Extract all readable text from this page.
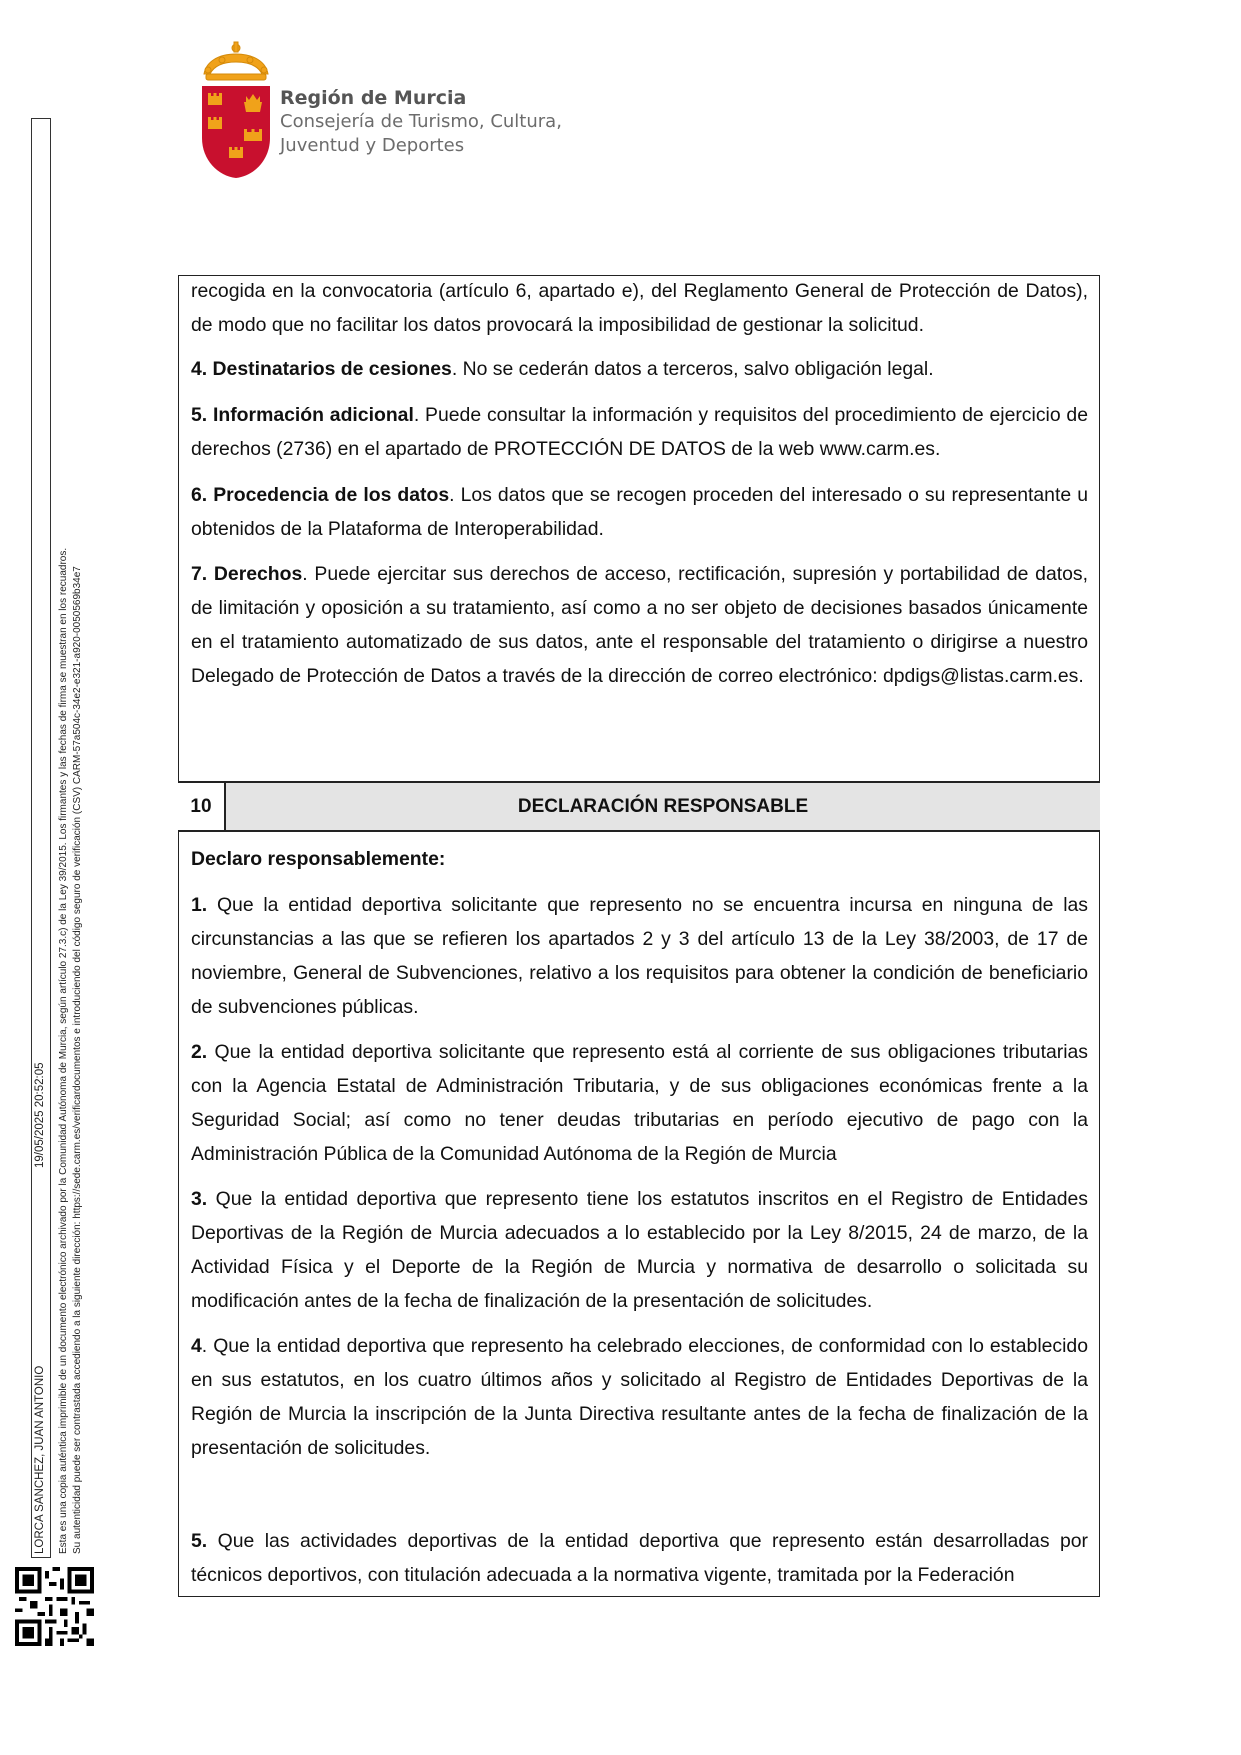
Región de Murcia
Consejería de Turismo, Cultura,
Juventud y Deportes
LORCA SANCHEZ, JUAN ANTONIO
19/05/2025 20:52:05 Esta es una copia auténtica imprimible de un documento electrónico archivado por la Comunidad Autónoma de Murcia, según artículo 27.3.c) de la Ley 39/2015. Los firmantes y las fechas de firma se muestran en los recuadros. Su autenticidad puede ser contrastada accediendo a la siguiente dirección: https://sede.carm.es/verificardocumentos e introduciendo del código seguro de verificación (CSV) CARM-57a504c-34e2-e321-a920-0050569b34e7
recogida en la convocatoria (artículo 6, apartado e), del Reglamento General de Protección de Datos), de modo que no facilitar los datos provocará la imposibilidad de gestionar la solicitud.
4. Destinatarios de cesiones. No se cederán datos a terceros, salvo obligación legal.
5. Información adicional. Puede consultar la información y requisitos del procedimiento de ejercicio de derechos (2736) en el apartado de PROTECCIÓN DE DATOS de la web www.carm.es.
6. Procedencia de los datos. Los datos que se recogen proceden del interesado o su representante u obtenidos de la Plataforma de Interoperabilidad.
7. Derechos. Puede ejercitar sus derechos de acceso, rectificación, supresión y portabilidad de datos, de limitación y oposición a su tratamiento, así como a no ser objeto de decisiones basados únicamente en el tratamiento automatizado de sus datos, ante el responsable del tratamiento o dirigirse a nuestro Delegado de Protección de Datos a través de la dirección de correo electrónico: dpdigs@listas.carm.es.
10	DECLARACIÓN RESPONSABLE
Declaro responsablemente:
1. Que la entidad deportiva solicitante que represento no se encuentra incursa en ninguna de las circunstancias a las que se refieren los apartados 2 y 3 del artículo 13 de la Ley 38/2003, de 17 de noviembre, General de Subvenciones, relativo a los requisitos para obtener la condición de beneficiario de subvenciones públicas.
2. Que la entidad deportiva solicitante que represento está al corriente de sus obligaciones tributarias con la Agencia Estatal de Administración Tributaria, y de sus obligaciones económicas frente a la Seguridad Social; así como no tener deudas tributarias en período ejecutivo de pago con la Administración Pública de la Comunidad Autónoma de la Región de Murcia
3. Que la entidad deportiva que represento tiene los estatutos inscritos en el Registro de Entidades Deportivas de la Región de Murcia adecuados a lo establecido por la Ley 8/2015, 24 de marzo, de la Actividad Física y el Deporte de la Región de Murcia y normativa de desarrollo o solicitada su modificación antes de la fecha de finalización de la presentación de solicitudes.
4. Que la entidad deportiva que represento ha celebrado elecciones, de conformidad con lo establecido en sus estatutos, en los cuatro últimos años y solicitado al Registro de Entidades Deportivas de la Región de Murcia la inscripción de la Junta Directiva resultante antes de la fecha de finalización de la presentación de solicitudes.
5. Que las actividades deportivas de la entidad deportiva que represento están desarrolladas por técnicos deportivos, con titulación adecuada a la normativa vigente, tramitada por la Federación
